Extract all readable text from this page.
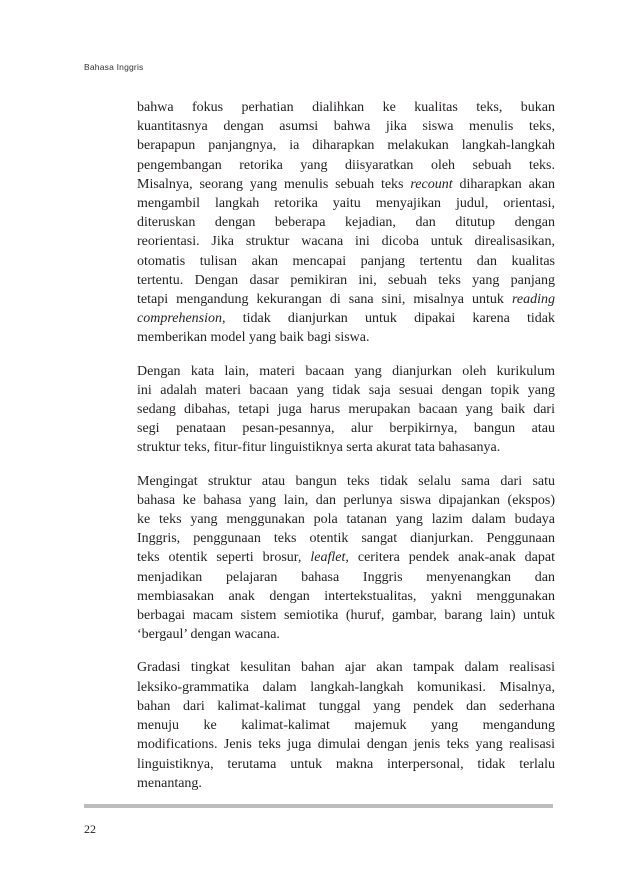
Bahasa Inggris

bahwa fokus perhatian dialihkan ke kualitas teks, bukan

kuantitasnya dengan asumsi bahwa jika siswa menulis teks,

berapapun panjangnya, ia diharapkan melakukan langkah-langkah

pengembangan retorika yang diisyaratkan oleh sebuah teks.

Misalnya, seorang yang menulis sebuah teks recount diharapkan akan

mengambil langkah retorika yaitu menyajikan judul, orientasi,

diteruskan dengan beberapa kejadian, dan ditutup dengan

reorientasi. Jika struktur wacana ini dicoba untuk direalisasikan,

otomatis tulisan akan mencapai panjang tertentu dan kualitas

tertentu. Dengan dasar pemikiran ini, sebuah teks yang panjang

tetapi mengandung kekurangan di sana sini, misalnya untuk reading

comprehension, tidak dianjurkan untuk dipakai karena tidak

memberikan model yang baik bagi siswa.

Dengan kata lain, materi bacaan yang dianjurkan oleh kurikulum

ini adalah materi bacaan yang tidak saja sesuai dengan topik yang

sedang dibahas, tetapi juga harus merupakan bacaan yang baik dari

segi penataan pesan-pesannya, alur berpikirnya, bangun atau

struktur teks, fitur-fitur linguistiknya serta akurat tata bahasanya.

Mengingat struktur atau bangun teks tidak selalu sama dari satu

bahasa ke bahasa yang lain, dan perlunya siswa dipajankan (ekspos)

ke teks yang menggunakan pola tatanan yang lazim dalam budaya

Inggris, penggunaan teks otentik sangat dianjurkan. Penggunaan

teks otentik seperti brosur, leaflet, ceritera pendek anak-anak dapat

menjadikan pelajaran bahasa Inggris menyenangkan dan

membiasakan anak dengan intertekstualitas, yakni menggunakan

berbagai macam sistem semiotika (huruf, gambar, barang lain) untuk

‘bergaul’ dengan wacana.

Gradasi tingkat kesulitan bahan ajar akan tampak dalam realisasi

leksiko-grammatika dalam langkah-langkah komunikasi. Misalnya,

bahan dari kalimat-kalimat tunggal yang pendek dan sederhana

menuju ke kalimat-kalimat majemuk yang mengandung

modifications. Jenis teks juga dimulai dengan jenis teks yang realisasi

linguistiknya, terutama untuk makna interpersonal, tidak terlalu

menantang.

22
